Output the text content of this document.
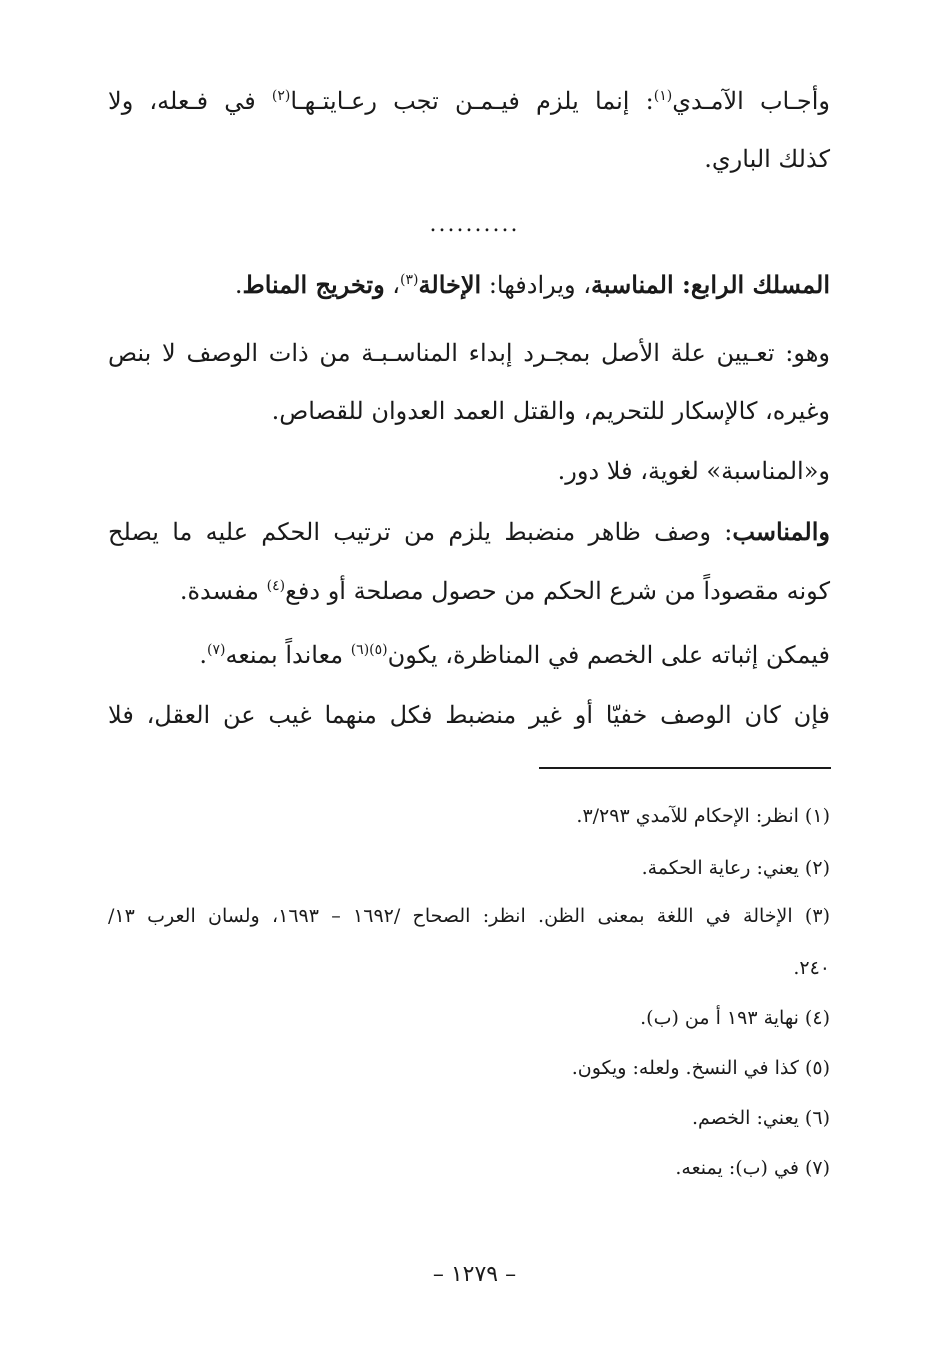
وأجـاب الآمـدي$^{(١)}$: إنما يلزم فيـمـن تجب رعـايتـهـا$^{(٢)}$ في فـعله، ولا
كذلك الباري.
المسلك الرابع: المناسبة، ويرادفها: الإخالة$^{(٣)}$، وتخريج المناط.
وهو: تعـيين علة الأصل بمجـرد إبداء المناسـبـة من ذات الوصف لا بنص
وغيره، كالإسكار للتحريم، والقتل العمد العدوان للقصاص.
و«المناسبة» لغوية، فلا دور.
والمناسب: وصف ظاهر منضبط يلزم من ترتيب الحكم عليه ما يصلح
كونه مقصوداً من شرع الحكم من حصول مصلحة أو دفع$^{(٤)}$ مفسدة.
فيمكن إثباته على الخصم في المناظرة، يكون$^{(٥)(٦)}$ معانداً بمنعه$^{(٧)}$.
فإن كان الوصف خفيّا أو غير منضبط فكل منهما غيب عن العقل، فلا
(١) انظر: الإحكام للآمدي ٣/٢٩٣.
(٢) يعني: رعاية الحكمة.
(٣) الإخالة في اللغة بمعنى الظن. انظر: الصحاح /١٦٩٢ – ١٦٩٣، ولسان العرب ١٣/
٢٤٠.
(٤) نهاية ١٩٣ أ من (ب).
(٥) كذا في النسخ. ولعله: ويكون.
(٦) يعني: الخصم.
(٧) في (ب): يمنعه.
..........
– ١٢٧٩ –
